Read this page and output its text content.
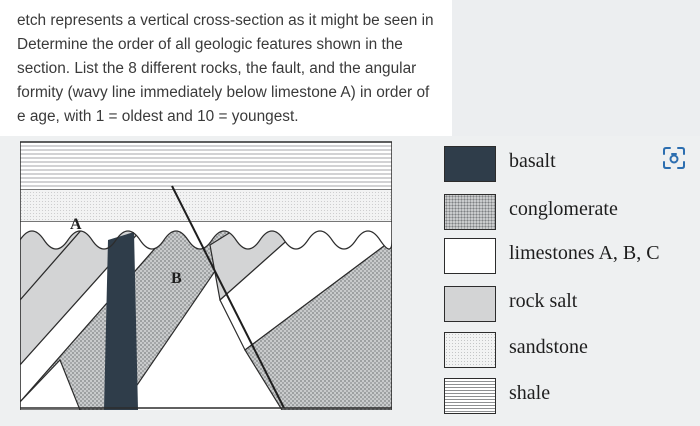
etch represents a vertical cross-section as it might be seen in
Determine the order of all geologic features shown in the
section. List the 8 different rocks, the fault, and the angular
formity (wavy line immediately below limestone A) in order of
e age, with 1 = oldest and 10 = youngest.
A
B
basalt
conglomerate
limestones A, B, C
rock salt
sandstone
shale
